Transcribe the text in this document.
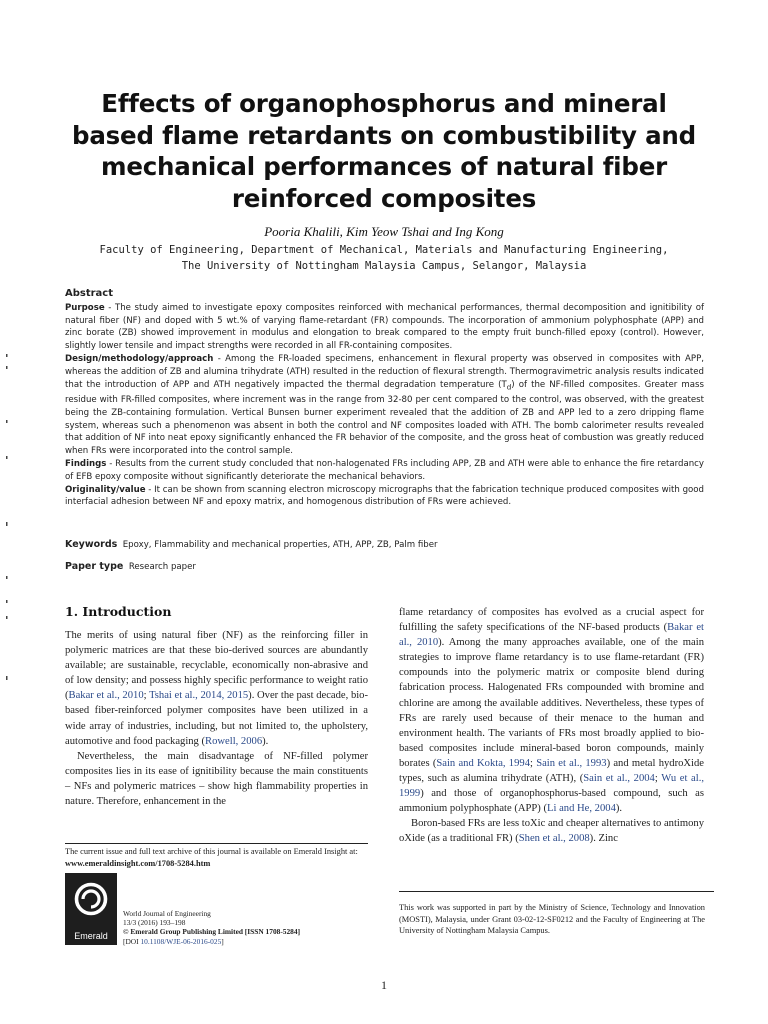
Effects of organophosphorus and mineral based flame retardants on combustibility and mechanical performances of natural fiber reinforced composites
Pooria Khalili, Kim Yeow Tshai and Ing Kong
Faculty of Engineering, Department of Mechanical, Materials and Manufacturing Engineering,
The University of Nottingham Malaysia Campus, Selangor, Malaysia
Abstract

Purpose - The study aimed to investigate epoxy composites reinforced with mechanical performances, thermal decomposition and ignitibility of natural fiber (NF) and doped with 5 wt.% of varying flame-retardant (FR) compounds. The incorporation of ammonium polyphosphate (APP) and zinc borate (ZB) showed improvement in modulus and elongation to break compared to the empty fruit bunch-filled epoxy (control). However, slightly lower tensile and impact strengths were recorded in all FR-containing composites.

Design/methodology/approach - Among the FR-loaded specimens, enhancement in flexural property was observed in composites with APP, whereas the addition of ZB and alumina trihydrate (ATH) resulted in the reduction of flexural strength. Thermogravimetric analysis results indicated that the introduction of APP and ATH negatively impacted the thermal degradation temperature $(T_d)$ of the NF-filled composites. Greater mass residue with FR-filled composites, where increment was in the range from 32-80 per cent compared to the control, was observed, with the greatest being the ZB-containing formulation. Vertical Bunsen burner experiment revealed that the addition of ZB and APP led to a zero dripping flame system, whereas such a phenomenon was absent in both the control and NF composites loaded with ATH. The bomb calorimeter results revealed that addition of NF into neat epoxy significantly enhanced the FR behavior of the composite, and the gross heat of combustion was greatly reduced when FRs were incorporated into the control sample.

Findings - Results from the current study concluded that non-halogenated FRs including APP, ZB and ATH were able to enhance the fire retardancy of EFB epoxy composite without significantly deteriorate the mechanical behaviors.

Originality/value - It can be shown from scanning electron microscopy micrographs that the fabrication technique produced composites with good interfacial adhesion between NF and epoxy matrix, and homogenous distribution of FRs were achieved.

Keywords Epoxy, Flammability and mechanical properties, ATH, APP, ZB, Palm fiber
Paper type Research paper
1. Introduction

The merits of using natural fiber (NF) as the reinforcing filler in polymeric matrices are that these bio-derived sources are abundantly available; are sustainable, recyclable, economically non-abrasive and of low density; and possess highly specific performance to weight ratio (Bakar et al., 2010; Tshai et al., 2014, 2015). Over the past decade, bio-based fiber-reinforced polymer composites have been utilized in a wide array of industries, including, but not limited to, the upholstery, automotive and food packaging (Rowell, 2006).

Nevertheless, the main disadvantage of NF-filled polymer composites lies in its ease of ignitibility because the main constituents – NFs and polymeric matrices – show high flammability properties in nature. Therefore, enhancement in the

flame retardancy of composites has evolved as a crucial aspect for fulfilling the safety specifications of the NF-based products (Bakar et al., 2010). Among the many approaches available, one of the main strategies to improve flame retardancy is to use flame-retardant (FR) compounds into the polymeric matrix or composite blend during fabrication process. Halogenated FRs compounded with bromine and chlorine are among the available additives. Nevertheless, these types of FRs are rarely used because of their menace to the human and environment health. The variants of FRs most broadly applied to bio-based composites include mineral-based boron compounds, mainly borates (Sain and Kokta, 1994; Sain et al., 1993) and metal hydroXide types, such as alumina trihydrate (ATH), (Sain et al., 2004; Wu et al., 1999) and those of organophosphorus-based compound, such as ammonium polyphosphate (APP) (Li and He, 2004).

Boron-based FRs are less toXic and cheaper alternatives to antimony oXide (as a traditional FR) (Shen et al., 2008). Zinc

The current issue and full text archive of this journal is available on Emerald Insight at: www.emeraldinsight.com/1708-5284.htm
This work was supported in part by the Ministry of Science, Technology and Innovation (MOSTI), Malaysia, under Grant 03-02-12-SF0212 and the Faculty of Engineering at The University of Nottingham Malaysia Campus.
Emerald
World Journal of Engineering
13/3 (2016) 193–198
© Emerald Group Publishing Limited [ISSN 1708-5284]
[DOI 10.1108/WJE-06-2016-025]
1
